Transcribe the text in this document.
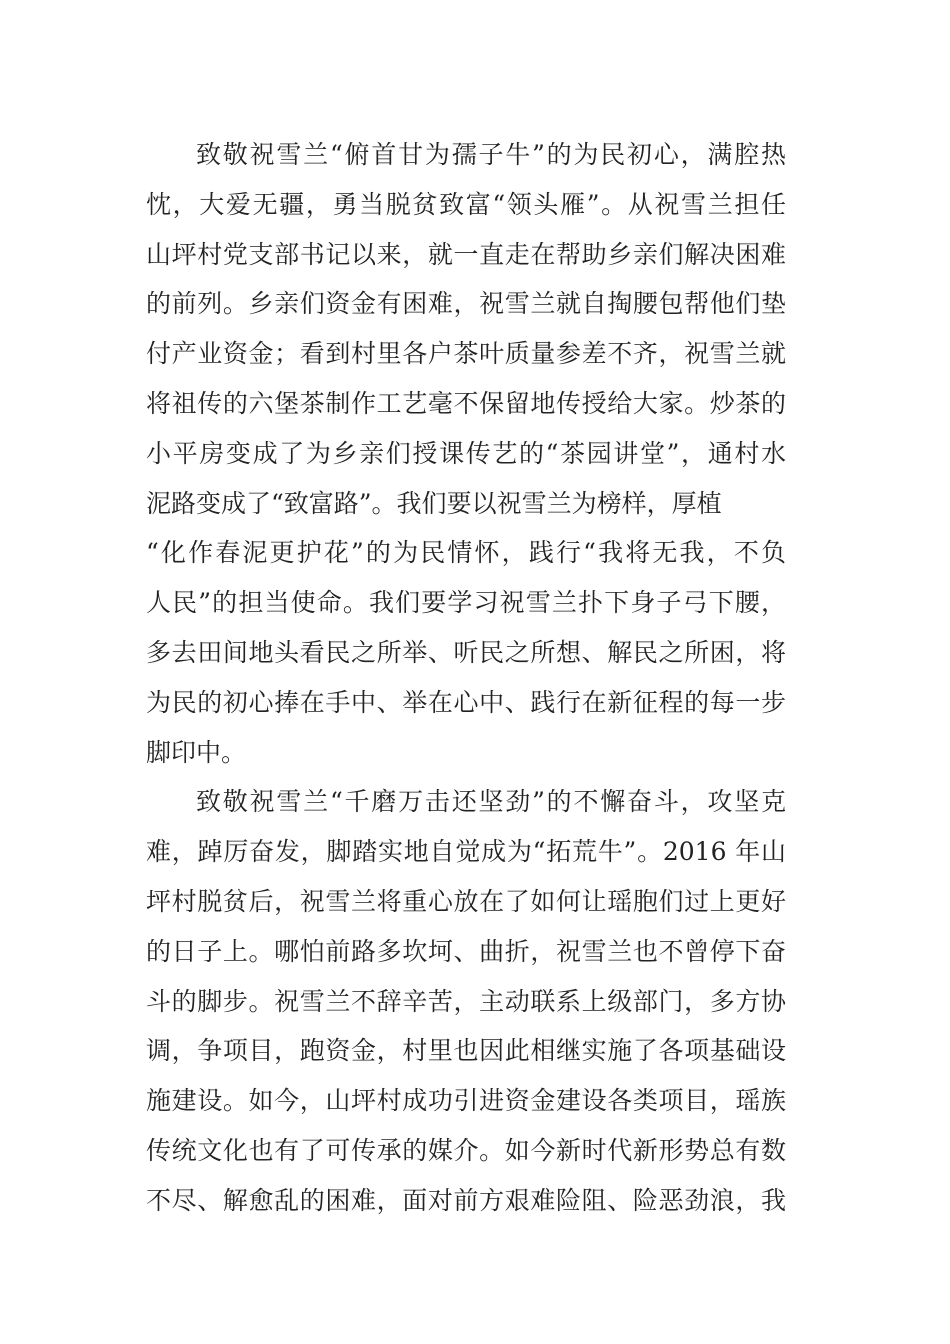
致敬祝雪兰“俯首甘为孺子牛”的为民初心，满腔热
忱，大爱无疆，勇当脱贫致富“领头雁”。从祝雪兰担任
山坪村党支部书记以来，就一直走在帮助乡亲们解决困难
的前列。乡亲们资金有困难，祝雪兰就自掏腰包帮他们垫
付产业资金；看到村里各户茶叶质量参差不齐，祝雪兰就
将祖传的六堡茶制作工艺毫不保留地传授给大家。炒茶的
小平房变成了为乡亲们授课传艺的“茶园讲堂”，通村水
泥路变成了“致富路”。我们要以祝雪兰为榜样，厚植
“化作春泥更护花”的为民情怀，践行“我将无我，不负
人民”的担当使命。我们要学习祝雪兰扑下身子弓下腰，
多去田间地头看民之所举、听民之所想、解民之所困，将
为民的初心捧在手中、举在心中、践行在新征程的每一步
脚印中。
致敬祝雪兰“千磨万击还坚劲”的不懈奋斗，攻坚克
难，踔厉奋发，脚踏实地自觉成为“拓荒牛”。2016 年山
坪村脱贫后，祝雪兰将重心放在了如何让瑶胞们过上更好
的日子上。哪怕前路多坎坷、曲折，祝雪兰也不曾停下奋
斗的脚步。祝雪兰不辞辛苦，主动联系上级部门，多方协
调，争项目，跑资金，村里也因此相继实施了各项基础设
施建设。如今，山坪村成功引进资金建设各类项目，瑶族
传统文化也有了可传承的媒介。如今新时代新形势总有数
不尽、解愈乱的困难，面对前方艰难险阻、险恶劲浪，我
